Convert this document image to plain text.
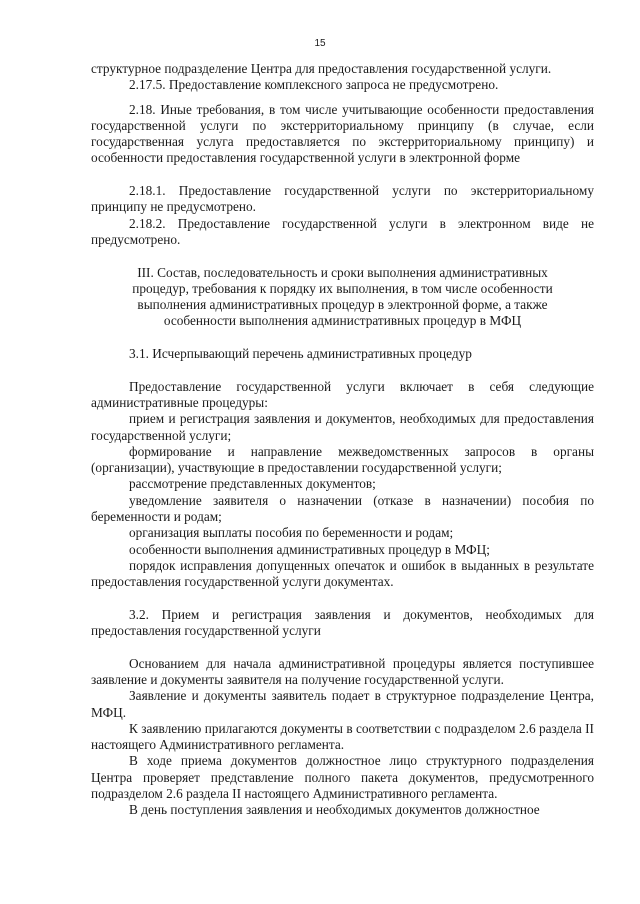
15

структурное подразделение Центра для предоставления государственной услуги.

2.17.5. Предоставление комплексного запроса не предусмотрено.

2.18. Иные требования, в том числе учитывающие особенности предоставления государственной услуги по экстерриториальному принципу (в случае, если государственная услуга предоставляется по экстерриториальному принципу) и особенности предоставления государственной услуги в электронной форме

2.18.1. Предоставление государственной услуги по экстерриториальному принципу не предусмотрено.

2.18.2. Предоставление государственной услуги в электронном виде не предусмотрено.

III. Состав, последовательность и сроки выполнения административных процедур, требования к порядку их выполнения, в том числе особенности выполнения административных процедур в электронной форме, а также особенности выполнения административных процедур в МФЦ

3.1. Исчерпывающий перечень административных процедур

Предоставление государственной услуги включает в себя следующие административные процедуры:

прием и регистрация заявления и документов, необходимых для предоставления государственной услуги;

формирование и направление межведомственных запросов в органы (организации), участвующие в предоставлении государственной услуги;

рассмотрение представленных документов;

уведомление заявителя о назначении (отказе в назначении) пособия по беременности и родам;

организация выплаты пособия по беременности и родам;

особенности выполнения административных процедур в МФЦ;

порядок исправления допущенных опечаток и ошибок в выданных в результате предоставления государственной услуги документах.

3.2. Прием и регистрация заявления и документов, необходимых для предоставления государственной услуги

Основанием для начала административной процедуры является поступившее заявление и документы заявителя на получение государственной услуги.

Заявление и документы заявитель подает в структурное подразделение Центра, МФЦ.

К заявлению прилагаются документы в соответствии с подразделом 2.6 раздела II настоящего Административного регламента.

В ходе приема документов должностное лицо структурного подразделения Центра проверяет представление полного пакета документов, предусмотренного подразделом 2.6 раздела II настоящего Административного регламента.

В день поступления заявления и необходимых документов должностное
